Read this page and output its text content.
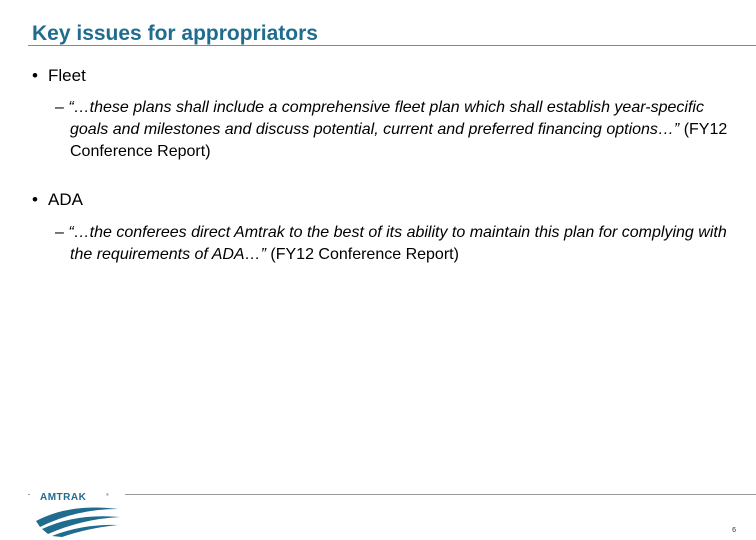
Key issues for appropriators
• Fleet
– “…these plans shall include a comprehensive fleet plan which shall establish year-specific goals and milestones and discuss potential, current and preferred financing options…” (FY12 Conference Report)
• ADA
– “…the conferees direct Amtrak to the best of its ability to maintain this plan for complying with the requirements of ADA…” (FY12 Conference Report)
AMTRAK	®
6
